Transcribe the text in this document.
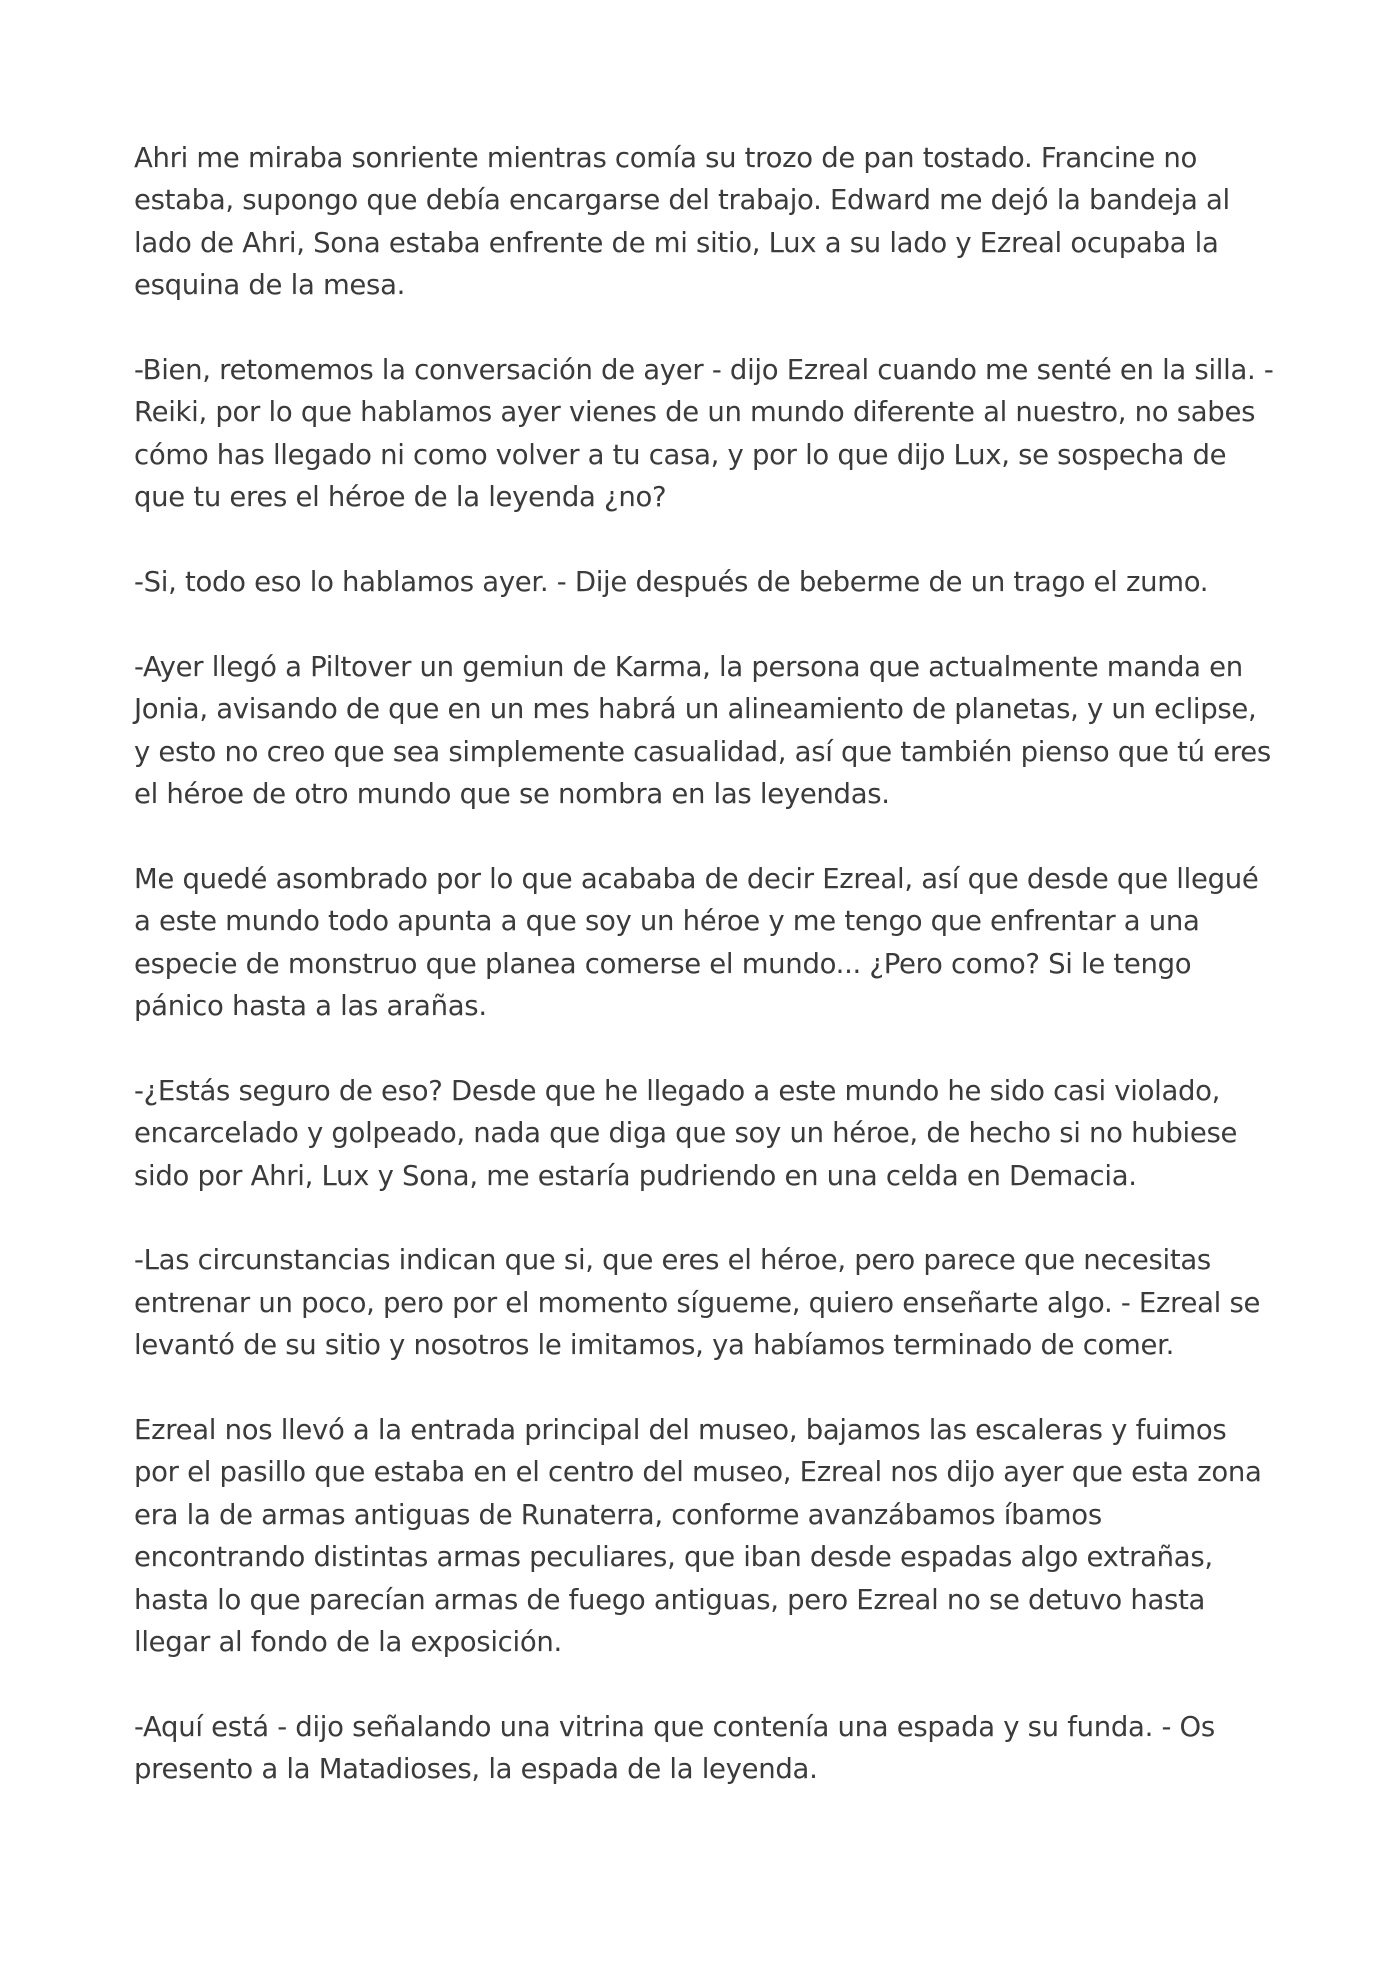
Ahri me miraba sonriente mientras comía su trozo de pan tostado. Francine no estaba, supongo que debía encargarse del trabajo. Edward me dejó la bandeja al lado de Ahri, Sona estaba enfrente de mi sitio, Lux a su lado y Ezreal ocupaba la esquina de la mesa.

-Bien, retomemos la conversación de ayer - dijo Ezreal cuando me senté en la silla. - Reiki, por lo que hablamos ayer vienes de un mundo diferente al nuestro, no sabes cómo has llegado ni como volver a tu casa, y por lo que dijo Lux, se sospecha de que tu eres el héroe de la leyenda ¿no?

-Si, todo eso lo hablamos ayer. - Dije después de beberme de un trago el zumo.

-Ayer llegó a Piltover un gemiun de Karma, la persona que actualmente manda en Jonia, avisando de que en un mes habrá un alineamiento de planetas, y un eclipse, y esto no creo que sea simplemente casualidad, así que también pienso que tú eres el héroe de otro mundo que se nombra en las leyendas.

Me quedé asombrado por lo que acababa de decir Ezreal, así que desde que llegué a este mundo todo apunta a que soy un héroe y me tengo que enfrentar a una especie de monstruo que planea comerse el mundo... ¿Pero como? Si le tengo pánico hasta a las arañas.

-¿Estás seguro de eso? Desde que he llegado a este mundo he sido casi violado, encarcelado y golpeado, nada que diga que soy un héroe, de hecho si no hubiese sido por Ahri, Lux y Sona, me estaría pudriendo en una celda en Demacia.

-Las circunstancias indican que si, que eres el héroe, pero parece que necesitas entrenar un poco, pero por el momento sígueme, quiero enseñarte algo. - Ezreal se levantó de su sitio y nosotros le imitamos, ya habíamos terminado de comer.

Ezreal nos llevó a la entrada principal del museo, bajamos las escaleras y fuimos por el pasillo que estaba en el centro del museo, Ezreal nos dijo ayer que esta zona era la de armas antiguas de Runaterra, conforme avanzábamos íbamos encontrando distintas armas peculiares, que iban desde espadas algo extrañas, hasta lo que parecían armas de fuego antiguas, pero Ezreal no se detuvo hasta llegar al fondo de la exposición.

-Aquí está - dijo señalando una vitrina que contenía una espada y su funda. - Os presento a la Matadioses, la espada de la leyenda.
